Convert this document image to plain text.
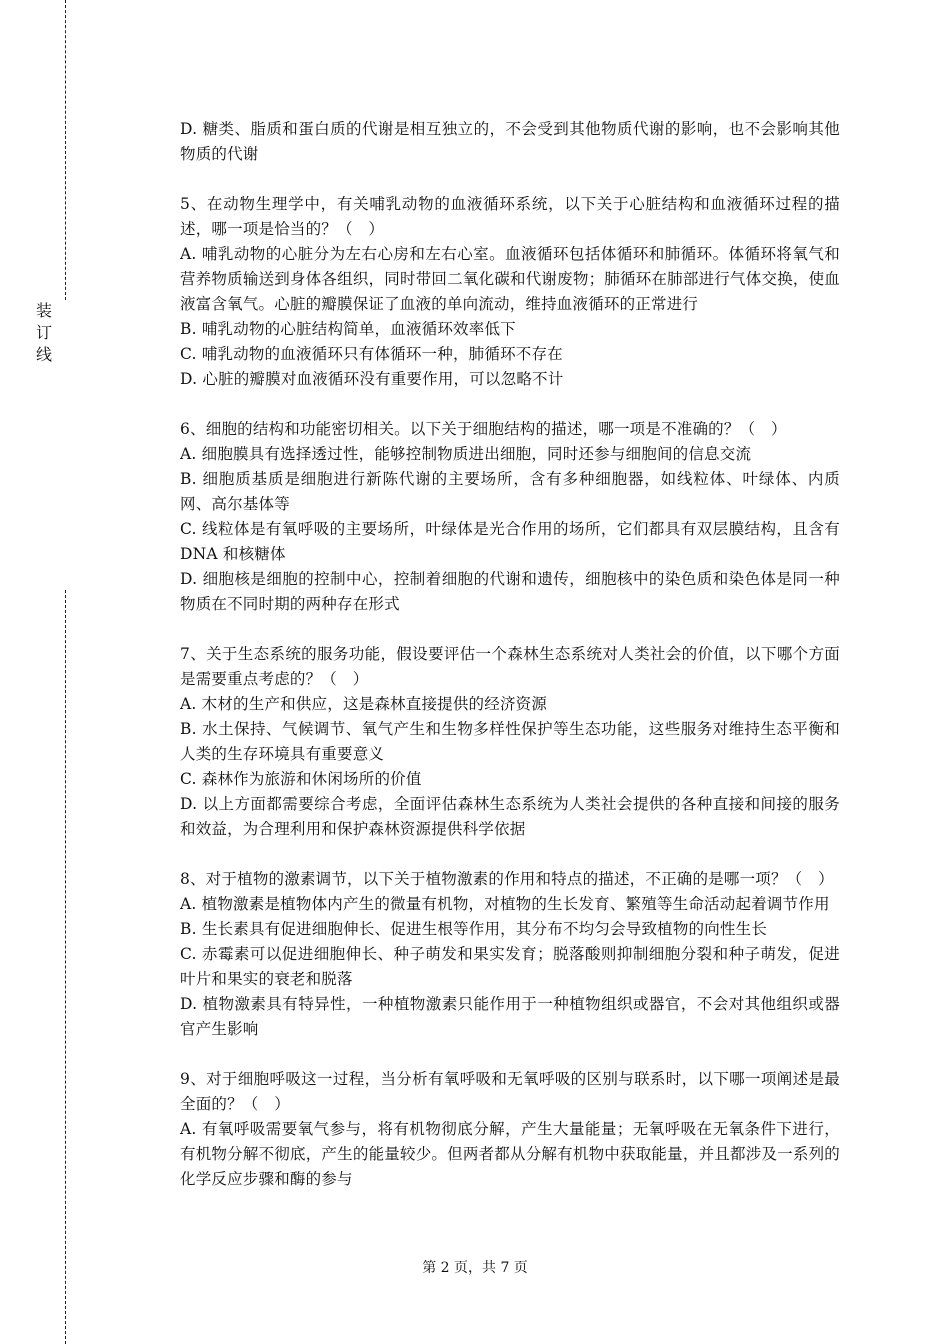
装
订
线

D. 糖类、脂质和蛋白质的代谢是相互独立的，不会受到其他物质代谢的影响，也不会影响其他物质的代谢

5、在动物生理学中，有关哺乳动物的血液循环系统，以下关于心脏结构和血液循环过程的描述，哪一项是恰当的？（　）

A. 哺乳动物的心脏分为左右心房和左右心室。血液循环包括体循环和肺循环。体循环将氧气和营养物质输送到身体各组织，同时带回二氧化碳和代谢废物；肺循环在肺部进行气体交换，使血液富含氧气。心脏的瓣膜保证了血液的单向流动，维持血液循环的正常进行

B. 哺乳动物的心脏结构简单，血液循环效率低下

C. 哺乳动物的血液循环只有体循环一种，肺循环不存在

D. 心脏的瓣膜对血液循环没有重要作用，可以忽略不计

6、细胞的结构和功能密切相关。以下关于细胞结构的描述，哪一项是不准确的？（　）

A. 细胞膜具有选择透过性，能够控制物质进出细胞，同时还参与细胞间的信息交流

B. 细胞质基质是细胞进行新陈代谢的主要场所，含有多种细胞器，如线粒体、叶绿体、内质网、高尔基体等

C. 线粒体是有氧呼吸的主要场所，叶绿体是光合作用的场所，它们都具有双层膜结构，且含有 DNA 和核糖体

D. 细胞核是细胞的控制中心，控制着细胞的代谢和遗传，细胞核中的染色质和染色体是同一种物质在不同时期的两种存在形式

7、关于生态系统的服务功能，假设要评估一个森林生态系统对人类社会的价值，以下哪个方面是需要重点考虑的？（　）

A. 木材的生产和供应，这是森林直接提供的经济资源

B. 水土保持、气候调节、氧气产生和生物多样性保护等生态功能，这些服务对维持生态平衡和人类的生存环境具有重要意义

C. 森林作为旅游和休闲场所的价值

D. 以上方面都需要综合考虑，全面评估森林生态系统为人类社会提供的各种直接和间接的服务和效益，为合理利用和保护森林资源提供科学依据

8、对于植物的激素调节，以下关于植物激素的作用和特点的描述，不正确的是哪一项？（　）

A. 植物激素是植物体内产生的微量有机物，对植物的生长发育、繁殖等生命活动起着调节作用

B. 生长素具有促进细胞伸长、促进生根等作用，其分布不均匀会导致植物的向性生长

C. 赤霉素可以促进细胞伸长、种子萌发和果实发育；脱落酸则抑制细胞分裂和种子萌发，促进叶片和果实的衰老和脱落

D. 植物激素具有特异性，一种植物激素只能作用于一种植物组织或器官，不会对其他组织或器官产生影响

9、对于细胞呼吸这一过程，当分析有氧呼吸和无氧呼吸的区别与联系时，以下哪一项阐述是最全面的？（　）

A. 有氧呼吸需要氧气参与，将有机物彻底分解，产生大量能量；无氧呼吸在无氧条件下进行，有机物分解不彻底，产生的能量较少。但两者都从分解有机物中获取能量，并且都涉及一系列的化学反应步骤和酶的参与

第 2 页，共 7 页
